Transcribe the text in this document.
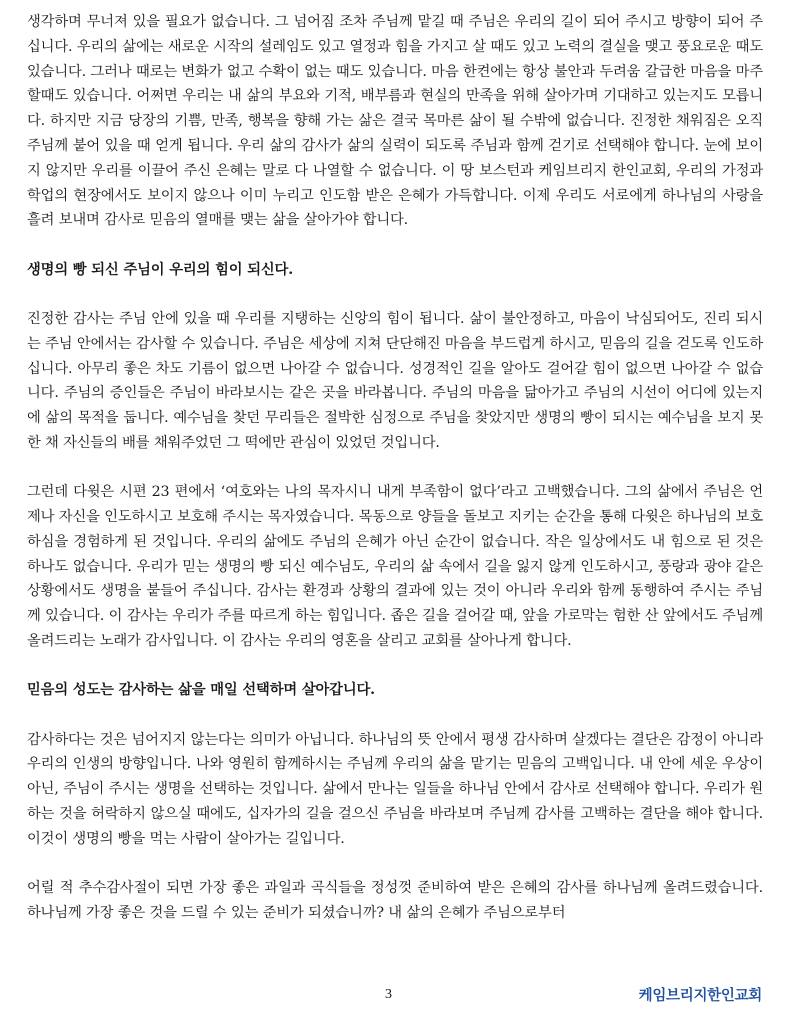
생각하며 무너져 있을 필요가 없습니다. 그 넘어짐 조차 주님께 맡길 때 주님은 우리의 길이 되어 주시고 방향이 되어 주십니다. 우리의 삶에는 새로운 시작의 설레임도 있고 열정과 힘을 가지고 살 때도 있고 노력의 결실을 맺고 풍요로운 때도 있습니다. 그러나 때로는 변화가 없고 수확이 없는 때도 있습니다. 마음 한켠에는 항상 불안과 두려움 갈급한 마음을 마주할때도 있습니다. 어쩌면 우리는 내 삶의 부요와 기적, 배부름과 현실의 만족을 위해 살아가며 기대하고 있는지도 모릅니다. 하지만 지금 당장의 기쁨, 만족, 행복을 향해 가는 삶은 결국 목마른 삶이 될 수밖에 없습니다. 진정한 채워짐은 오직 주님께 붙어 있을 때 얻게 됩니다. 우리 삶의 감사가 삶의 실력이 되도록 주님과 함께 걷기로 선택해야 합니다. 눈에 보이지 않지만 우리를 이끌어 주신 은혜는 말로 다 나열할 수 없습니다. 이 땅 보스턴과 케임브리지 한인교회, 우리의 가정과 학업의 현장에서도 보이지 않으나 이미 누리고 인도함 받은 은혜가 가득합니다. 이제 우리도 서로에게 하나님의 사랑을 흘려 보내며 감사로 믿음의 열매를 맺는 삶을 살아가야 합니다.

생명의 빵 되신 주님이 우리의 힘이 되신다.

진정한 감사는 주님 안에 있을 때 우리를 지탱하는 신앙의 힘이 됩니다. 삶이 불안정하고, 마음이 낙심되어도, 진리 되시는 주님 안에서는 감사할 수 있습니다. 주님은 세상에 지쳐 단단해진 마음을 부드럽게 하시고, 믿음의 길을 걷도록 인도하십니다. 아무리 좋은 차도 기름이 없으면 나아갈 수 없습니다. 성경적인 길을 알아도 걸어갈 힘이 없으면 나아갈 수 없습니다. 주님의 증인들은 주님이 바라보시는 같은 곳을 바라봅니다. 주님의 마음을 닮아가고 주님의 시선이 어디에 있는지에 삶의 목적을 둡니다. 예수님을 찾던 무리들은 절박한 심정으로 주님을 찾았지만 생명의 빵이 되시는 예수님을 보지 못한 채 자신들의 배를 채워주었던 그 떡에만 관심이 있었던 것입니다.

그런데 다윗은 시편 23 편에서 ‘여호와는 나의 목자시니 내게 부족함이 없다’라고 고백했습니다. 그의 삶에서 주님은 언제나 자신을 인도하시고 보호해 주시는 목자였습니다. 목동으로 양들을 돌보고 지키는 순간을 통해 다윗은 하나님의 보호하심을 경험하게 된 것입니다. 우리의 삶에도 주님의 은혜가 아닌 순간이 없습니다. 작은 일상에서도 내 힘으로 된 것은 하나도 없습니다. 우리가 믿는 생명의 빵 되신 예수님도, 우리의 삶 속에서 길을 잃지 않게 인도하시고, 풍랑과 광야 같은 상황에서도 생명을 붙들어 주십니다. 감사는 환경과 상황의 결과에 있는 것이 아니라 우리와 함께 동행하여 주시는 주님께 있습니다. 이 감사는 우리가 주를 따르게 하는 힘입니다. 좁은 길을 걸어갈 때, 앞을 가로막는 험한 산 앞에서도 주님께 올려드리는 노래가 감사입니다. 이 감사는 우리의 영혼을 살리고 교회를 살아나게 합니다.

믿음의 성도는 감사하는 삶을 매일 선택하며 살아갑니다.

감사하다는 것은 넘어지지 않는다는 의미가 아닙니다. 하나님의 뜻 안에서 평생 감사하며 살겠다는 결단은 감정이 아니라 우리의 인생의 방향입니다. 나와 영원히 함께하시는 주님께 우리의 삶을 맡기는 믿음의 고백입니다. 내 안에 세운 우상이 아닌, 주님이 주시는 생명을 선택하는 것입니다. 삶에서 만나는 일들을 하나님 안에서 감사로 선택해야 합니다. 우리가 원하는 것을 허락하지 않으실 때에도, 십자가의 길을 걸으신 주님을 바라보며 주님께 감사를 고백하는 결단을 해야 합니다. 이것이 생명의 빵을 먹는 사람이 살아가는 길입니다.

어릴 적 추수감사절이 되면 가장 좋은 과일과 곡식들을 정성껏 준비하여 받은 은혜의 감사를 하나님께 올려드렸습니다. 하나님께 가장 좋은 것을 드릴 수 있는 준비가 되셨습니까? 내 삶의 은혜가 주님으로부터

3	케임브리지한인교회
